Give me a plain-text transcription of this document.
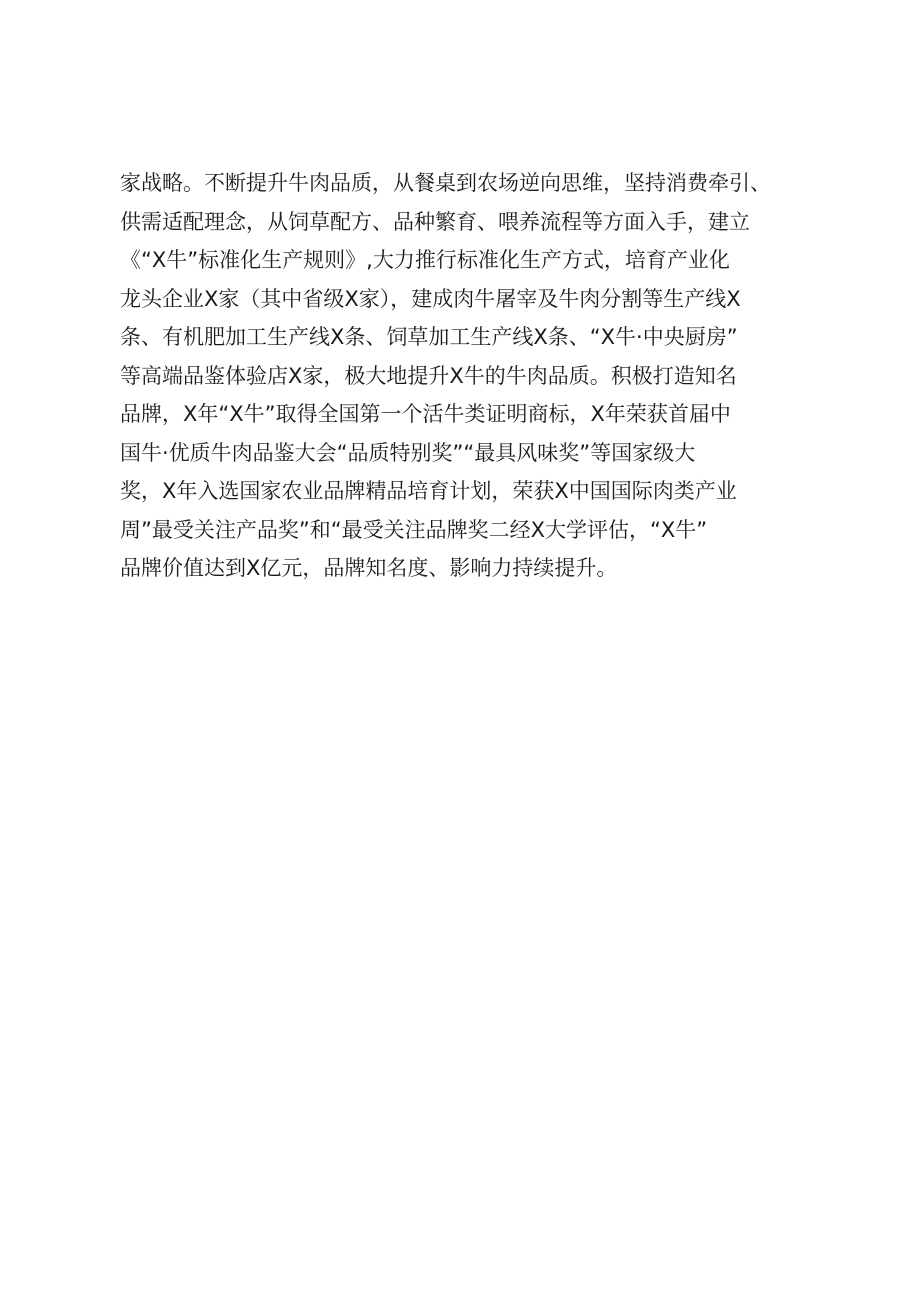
家战略。不断提升牛肉品质，从餐桌到农场逆向思维，坚持消费牵引、
供需适配理念，从饲草配方、品种繁育、喂养流程等方面入手，建立
《“X牛”标准化生产规则》,大力推行标准化生产方式，培育产业化
龙头企业X家（其中省级X家），建成肉牛屠宰及牛肉分割等生产线X
条、有机肥加工生产线X条、饲草加工生产线X条、“X牛·中央厨房”
等高端品鉴体验店X家，极大地提升X牛的牛肉品质。积极打造知名
品牌，X年“X牛”取得全国第一个活牛类证明商标，X年荣获首届中
国牛·优质牛肉品鉴大会“品质特别奖”“最具风味奖”等国家级大
奖，X年入选国家农业品牌精品培育计划，荣获X中国国际肉类产业
周”最受关注产品奖”和“最受关注品牌奖二经X大学评估，“X牛”
品牌价值达到X亿元，品牌知名度、影响力持续提升。
